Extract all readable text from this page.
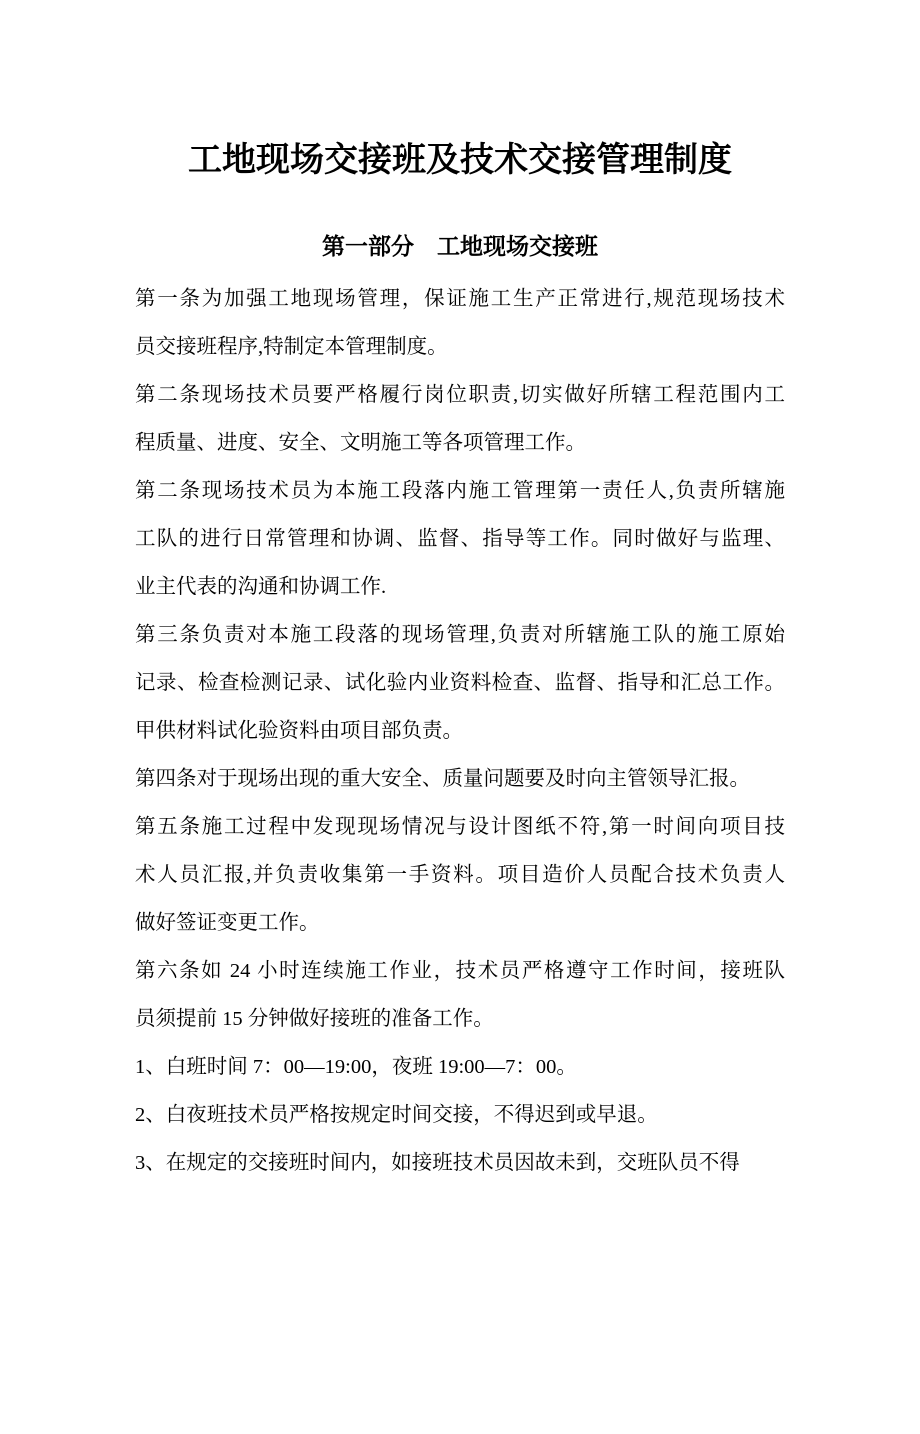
工地现场交接班及技术交接管理制度
第一部分　工地现场交接班
第一条为加强工地现场管理，保证施工生产正常进行,规范现场技术
员交接班程序,特制定本管理制度。
第二条现场技术员要严格履行岗位职责,切实做好所辖工程范围内工
程质量、进度、安全、文明施工等各项管理工作。
第二条现场技术员为本施工段落内施工管理第一责任人,负责所辖施
工队的进行日常管理和协调、监督、指导等工作。同时做好与监理、
业主代表的沟通和协调工作.
第三条负责对本施工段落的现场管理,负责对所辖施工队的施工原始
记录、检查检测记录、试化验内业资料检查、监督、指导和汇总工作。
甲供材料试化验资料由项目部负责。
第四条对于现场出现的重大安全、质量问题要及时向主管领导汇报。
第五条施工过程中发现现场情况与设计图纸不符,第一时间向项目技
术人员汇报,并负责收集第一手资料。项目造价人员配合技术负责人
做好签证变更工作。
第六条如 24 小时连续施工作业，技术员严格遵守工作时间，接班队
员须提前 15 分钟做好接班的准备工作。
1、白班时间 7：00—19:00，夜班 19:00—7：00。
2、白夜班技术员严格按规定时间交接，不得迟到或早退。
3、在规定的交接班时间内，如接班技术员因故未到，交班队员不得
